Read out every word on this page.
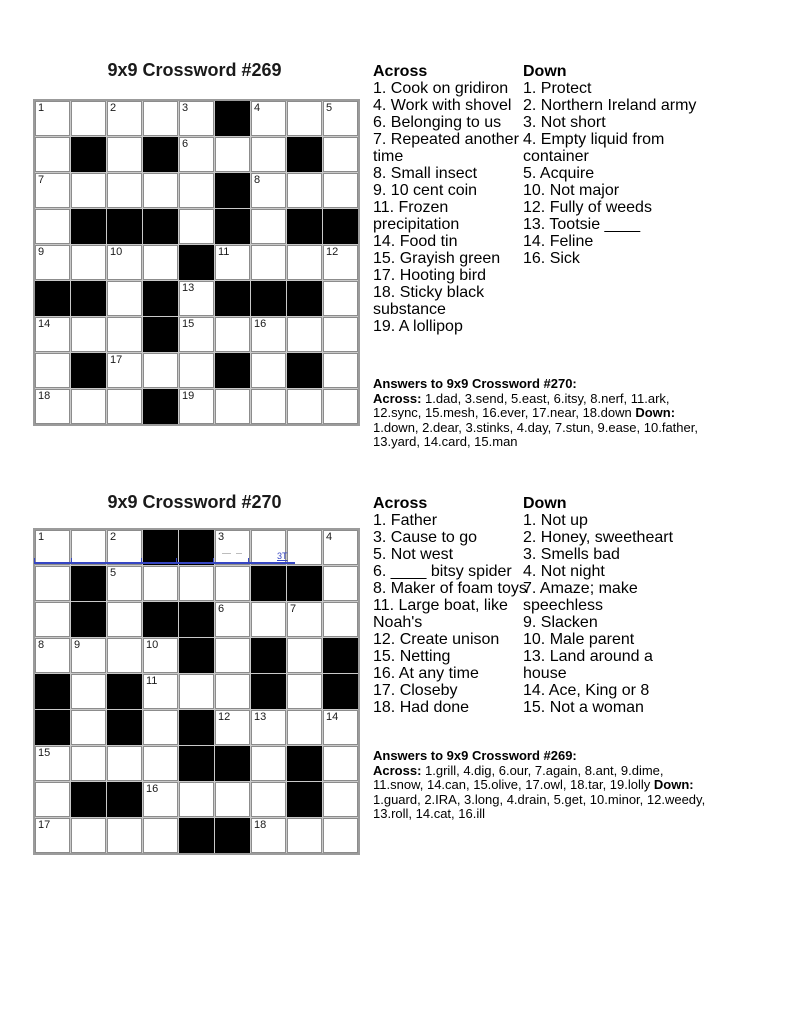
9x9 Crossword #269
1	2	3	4	5
6
7	8
9	10	11	12
13
14	15	16
17
18	19
Across
1. Cook on gridiron
4. Work with shovel
6. Belonging to us
7. Repeated another time
8. Small insect
9. 10 cent coin
11. Frozen precipitation
14. Food tin
15. Grayish green
17. Hooting bird
18. Sticky black substance
19. A lollipop
Down
1. Protect
2. Northern Ireland army
3. Not short
4. Empty liquid from container
5. Acquire
10. Not major
12. Fully of weeds
13. Tootsie ____
14. Feline
16. Sick
Answers to 9x9 Crossword #270:
Across: 1.dad, 3.send, 5.east, 6.itsy, 8.nerf, 11.ark, 12.sync, 15.mesh, 16.ever, 17.near, 18.down Down: 1.down, 2.dear, 3.stinks, 4.day, 7.stun, 9.ease, 10.father, 13.yard, 14.card, 15.man
9x9 Crossword #270
1	2	3	4
5
6	7
8	9	10
11
12 13	14
15
16
17	18
Across
1. Father
3. Cause to go
5. Not west
6. ____ bitsy spider
8. Maker of foam toys
11. Large boat, like Noah's
12. Create unison
15. Netting
16. At any time
17. Closeby
18. Had done
Down
1. Not up
2. Honey, sweetheart
3. Smells bad
4. Not night
7. Amaze; make speechless
9. Slacken
10. Male parent
13. Land around a house
14. Ace, King or 8
15. Not a woman
Answers to 9x9 Crossword #269:
Across: 1.grill, 4.dig, 6.our, 7.again, 8.ant, 9.dime, 11.snow, 14.can, 15.olive, 17.owl, 18.tar, 19.lolly Down: 1.guard, 2.IRA, 3.long, 4.drain, 5.get, 10.minor, 12.weedy, 13.roll, 14.cat, 16.ill
3T
